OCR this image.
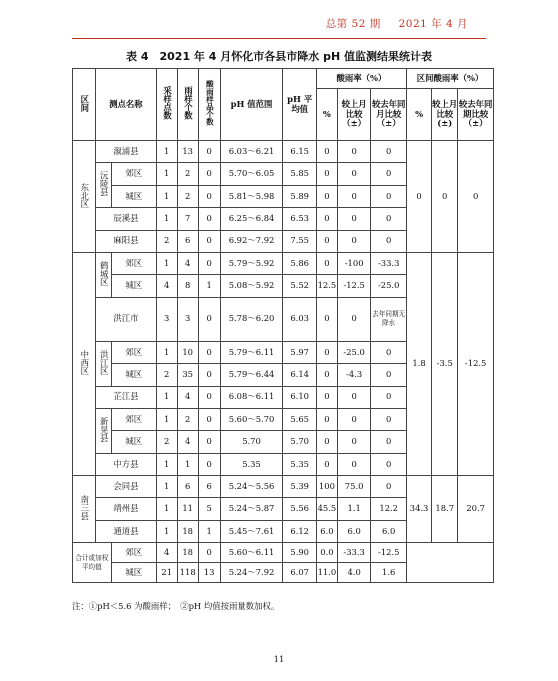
总第 52 期 2021 年 4 月
表 4　2021 年 4 月怀化市各县市降水 pH 值监测结果统计表
区间	测点名称		采样点数	雨样个数	酸雨样品个数	pH 值范围	pH 平均值	酸雨率（%）			区间酸雨率（%）		
								%	较上月比较（±）	较去年同月比较（±）	%	较上月比较(±)	较去年同期比较（±）
东北区	溆浦县		1	13	0	6.03～6.21	6.15	0	0	0	0	0	0
	沅陵县	郊区	1	2	0	5.70～6.05	5.85	0	0	0			
		城区	1	2	0	5.81～5.98	5.89	0	0	0			
	辰溪县		1	7	0	6.25～6.84	6.53	0	0	0			
	麻阳县		2	6	0	6.92～7.92	7.55	0	0	0			
中西区	鹤城区	郊区	1	4	0	5.79～5.92	5.86	0	-100	-33.3	1.8	-3.5	-12.5
		城区	4	8	1	5.08～5.92	5.52	12.5	-12.5	-25.0			
	洪江市		3	3	0	5.78～6.20	6.03	0	0	去年同期无降水			
	洪江区	郊区	1	10	0	5.79～6.11	5.97	0	-25.0	0			
		城区	2	35	0	5.79～6.44	6.14	0	-4.3	0			
	芷江县		1	4	0	6.08～6.11	6.10	0	0	0			
	新晃县	郊区	1	2	0	5.60～5.70	5.65	0	0	0			
		城区	2	4	0	5.70	5.70	0	0	0			
	中方县		1	1	0	5.35	5.35	0	0	0			
南三县	会同县		1	6	6	5.24～5.56	5.39	100	75.0	0	34.3	18.7	20.7
	靖州县		1	11	5	5.24～5.87	5.56	45.5	1.1	12.2			
	通道县		1	18	1	5.45～7.61	6.12	6.0	6.0	6.0			
合计或加权平均值		郊区	4	18	0	5.60～6.11	5.90	0.0	-33.3	-12.5			
		城区	21	118	13	5.24～7.92	6.07	11.0	4.0	1.6			
注：①pH＜5.6 为酸雨样；　②pH 均值按雨量数加权。
11
